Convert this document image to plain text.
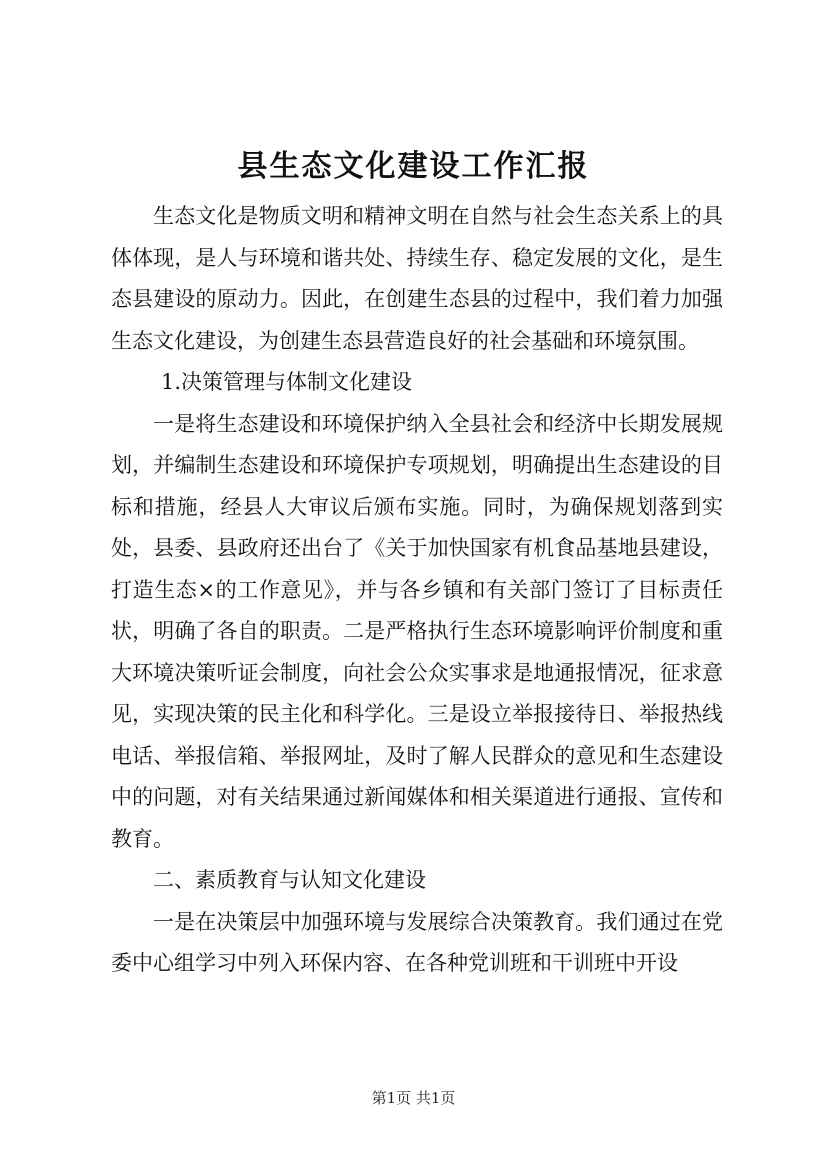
县生态文化建设工作汇报

生态文化是物质文明和精神文明在自然与社会生态关系上的具体体现，是人与环境和谐共处、持续生存、稳定发展的文化，是生态县建设的原动力。因此，在创建生态县的过程中，我们着力加强生态文化建设，为创建生态县营造良好的社会基础和环境氛围。

1.决策管理与体制文化建设

一是将生态建设和环境保护纳入全县社会和经济中长期发展规划，并编制生态建设和环境保护专项规划，明确提出生态建设的目标和措施，经县人大审议后颁布实施。同时，为确保规划落到实处，县委、县政府还出台了《关于加快国家有机食品基地县建设，打造生态×的工作意见》，并与各乡镇和有关部门签订了目标责任状，明确了各自的职责。二是严格执行生态环境影响评价制度和重大环境决策听证会制度，向社会公众实事求是地通报情况，征求意见，实现决策的民主化和科学化。三是设立举报接待日、举报热线电话、举报信箱、举报网址，及时了解人民群众的意见和生态建设中的问题，对有关结果通过新闻媒体和相关渠道进行通报、宣传和教育。

二、素质教育与认知文化建设

一是在决策层中加强环境与发展综合决策教育。我们通过在党委中心组学习中列入环保内容、在各种党训班和干训班中开设

第1页 共1页
